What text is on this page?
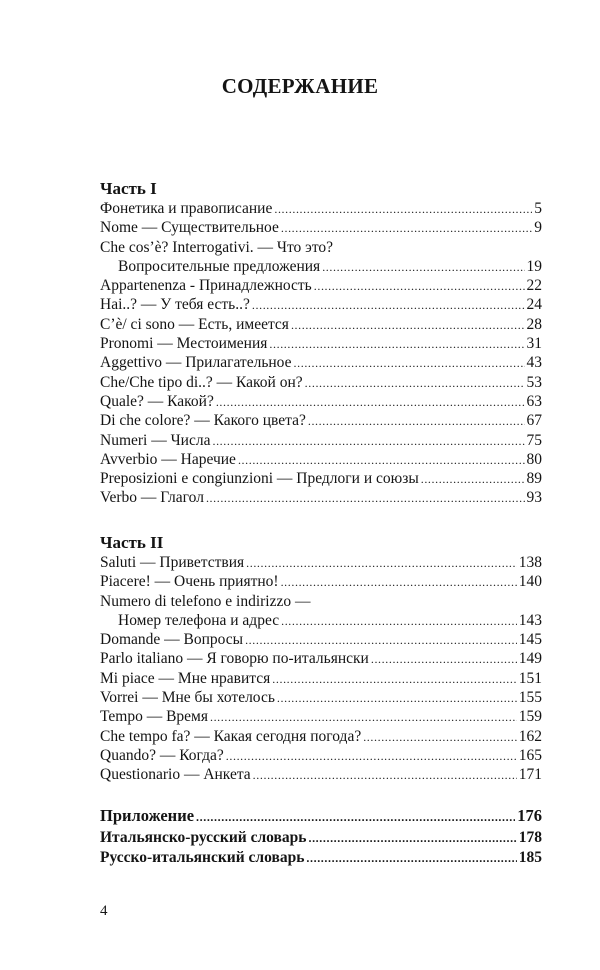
СОДЕРЖАНИЕ
Часть I
Фонетика и правописание .....	5
Nome — Существительное .....	9
Che cos’è? Interrogativi. — Что это?
Вопросительные предложения .....	19
Appartenenza - Принадлежность .....	22
Hai..? — У тебя есть..? .....	24
C’è/ ci sono — Есть, имеется .....	28
Pronomi — Местоимения .....	31
Aggettivo — Прилагательное .....	43
Che/Che tipo di..? — Какой он? .....	53
Quale? — Какой? .....	63
Di che colore? — Какого цвета? .....	67
Numeri — Числа .....	75
Avverbio — Наречие .....	80
Preposizioni e congiunzioni — Предлоги и союзы .....	89
Verbo — Глагол .....	93
Часть II
Saluti — Приветствия .....	138
Piacere! — Очень приятно! .....	140
Numero di telefono e indirizzo —
Номер телефона и адрес .....	143
Domande — Вопросы .....	145
Parlo italiano — Я говорю по-итальянски .....	149
Mi piace — Мне нравится .....	151
Vorrei — Мне бы хотелось .....	155
Tempo — Время .....	159
Che tempo fa? — Какая сегодня погода? .....	162
Quando? — Когда? .....	165
Questionario — Анкета .....	171
Приложение .....	176
Итальянско-русский словарь .....	178
Русско-итальянский словарь .....	185
4
